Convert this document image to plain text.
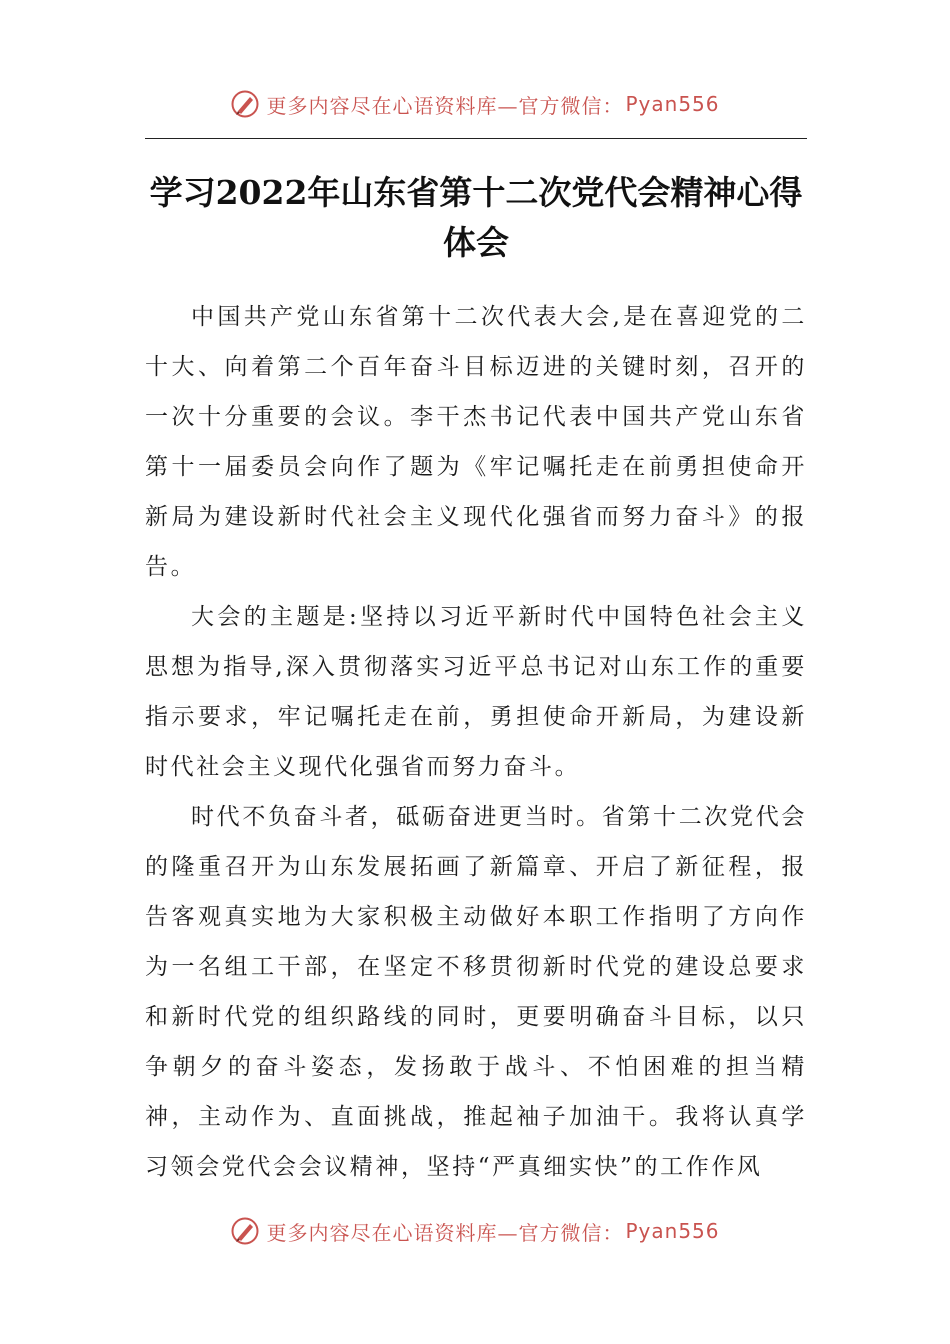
更多内容尽在心语资料库—官方微信： Pyan556
学习2022年山东省第十二次党代会精神心得体会

中国共产党山东省第十二次代表大会,是在喜迎党的二十大、向着第二个百年奋斗目标迈进的关键时刻，召开的一次十分重要的会议。李干杰书记代表中国共产党山东省第十一届委员会向作了题为《牢记嘱托走在前勇担使命开新局为建设新时代社会主义现代化强省而努力奋斗》的报告。

大会的主题是:坚持以习近平新时代中国特色社会主义思想为指导,深入贯彻落实习近平总书记对山东工作的重要指示要求，牢记嘱托走在前，勇担使命开新局，为建设新时代社会主义现代化强省而努力奋斗。

时代不负奋斗者，砥砺奋进更当时。省第十二次党代会的隆重召开为山东发展拓画了新篇章、开启了新征程，报告客观真实地为大家积极主动做好本职工作指明了方向作为一名组工干部，在坚定不移贯彻新时代党的建设总要求和新时代党的组织路线的同时，更要明确奋斗目标，以只争朝夕的奋斗姿态，发扬敢于战斗、不怕困难的担当精神，主动作为、直面挑战，推起袖子加油干。我将认真学习领会党代会会议精神，坚持“严真细实快”的工作作风

更多内容尽在心语资料库—官方微信： Pyan556
